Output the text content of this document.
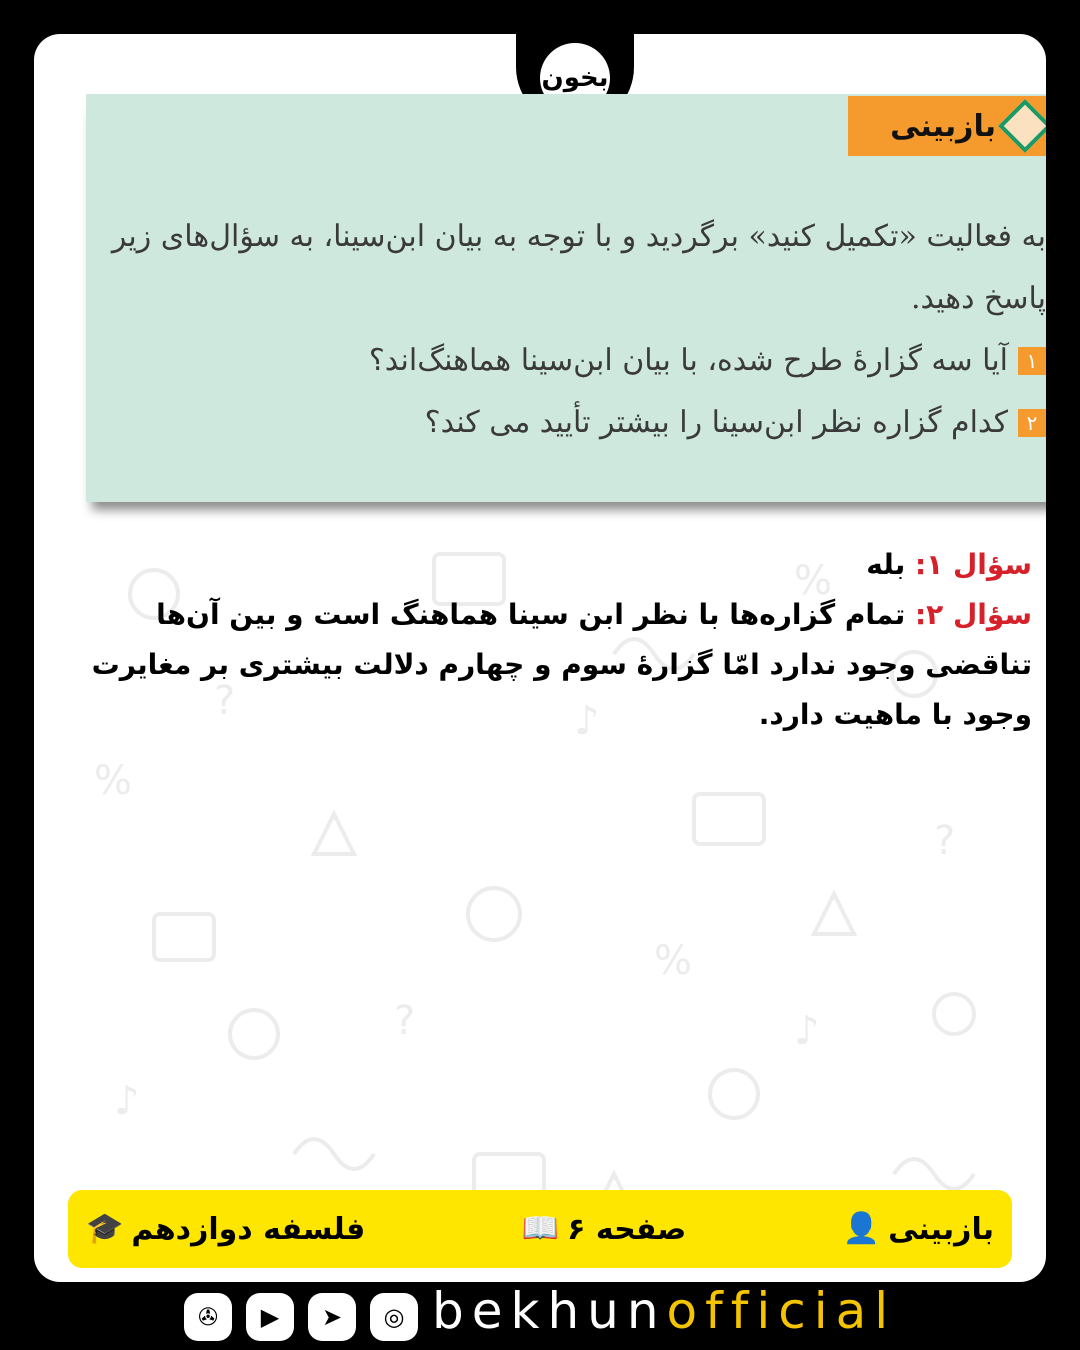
%
%
%
?
?
?
♪
♪
♪
بخون
بازبینی
به فعالیت «تکمیل کنید» برگردید و با توجه به بیان ابن‌سینا، به سؤال‌های زیر پاسخ دهید.
۱
آیا سه گزارۀ طرح شده، با بیان ابن‌سینا هماهنگ‌اند؟
۲
کدام گزاره نظر ابن‌سینا را بیشتر تأیید می کند؟
سؤال ۱: بله
سؤال ۲: تمام گزاره‌ها با نظر ابن سینا هماهنگ است و بین آن‌ها تناقضی وجود ندارد امّا گزارۀ سوم و چهارم دلالت بیشتری بر مغایرت وجود با ماهیت دارد.
👤 بازبینی
📖 صفحه ۶
🎓 فلسفه دوازدهم
✇	▶	➤	◎ bekhunofficial
